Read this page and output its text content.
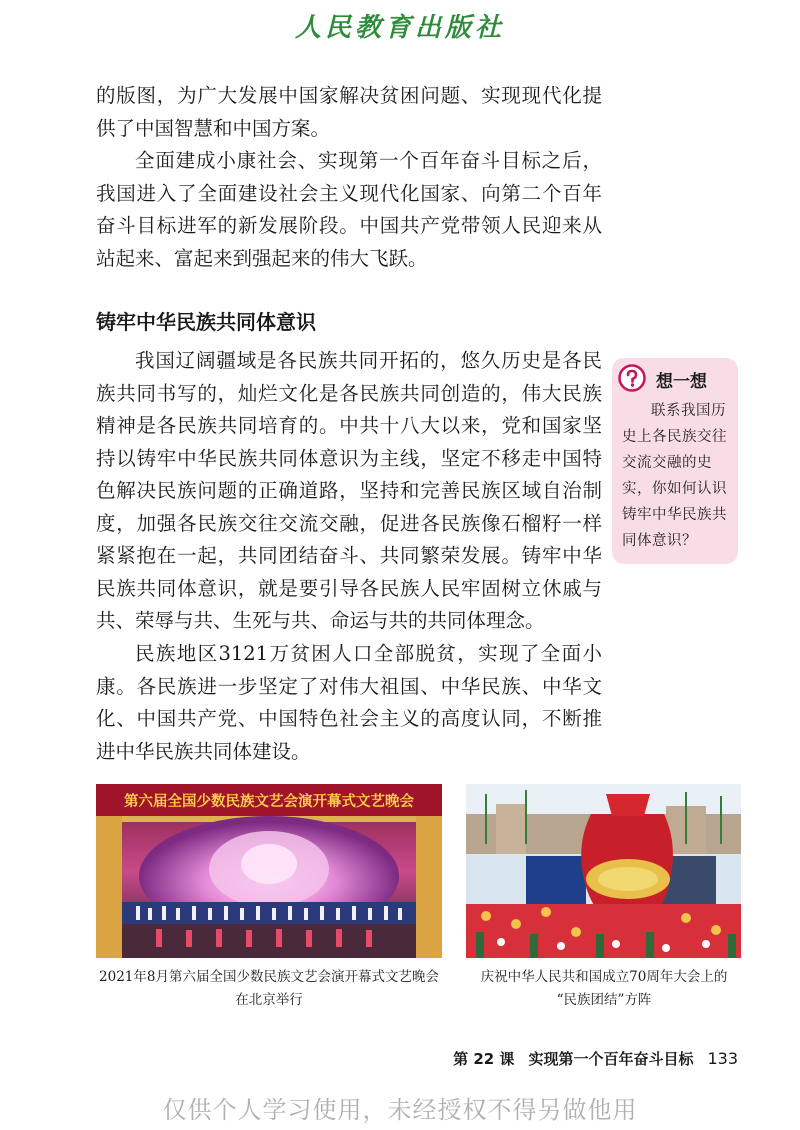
人民教育出版社

的版图，为广大发展中国家解决贫困问题、实现现代化提供了中国智慧和中国方案。

全面建成小康社会、实现第一个百年奋斗目标之后，我国进入了全面建设社会主义现代化国家、向第二个百年奋斗目标进军的新发展阶段。中国共产党带领人民迎来从站起来、富起来到强起来的伟大飞跃。

铸牢中华民族共同体意识

我国辽阔疆域是各民族共同开拓的，悠久历史是各民族共同书写的，灿烂文化是各民族共同创造的，伟大民族精神是各民族共同培育的。中共十八大以来，党和国家坚持以铸牢中华民族共同体意识为主线，坚定不移走中国特色解决民族问题的正确道路，坚持和完善民族区域自治制度，加强各民族交往交流交融，促进各民族像石榴籽一样紧紧抱在一起，共同团结奋斗、共同繁荣发展。铸牢中华民族共同体意识，就是要引导各民族人民牢固树立休戚与共、荣辱与共、生死与共、命运与共的共同体理念。

民族地区3121万贫困人口全部脱贫，实现了全面小康。各民族进一步坚定了对伟大祖国、中华民族、中华文化、中国共产党、中国特色社会主义的高度认同，不断推进中华民族共同体建设。

想一想

联系我国历史上各民族交往交流交融的史实，你如何认识铸牢中华民族共同体意识？

第六届全国少数民族文艺会演开幕式文艺晚会
2021年8月第六届全国少数民族文艺会演开幕式文艺晚会
在北京举行
庆祝中华人民共和国成立70周年大会上的
“民族团结”方阵
第 22 课 实现第一个百年奋斗目标 133
仅供个人学习使用，未经授权不得另做他用
